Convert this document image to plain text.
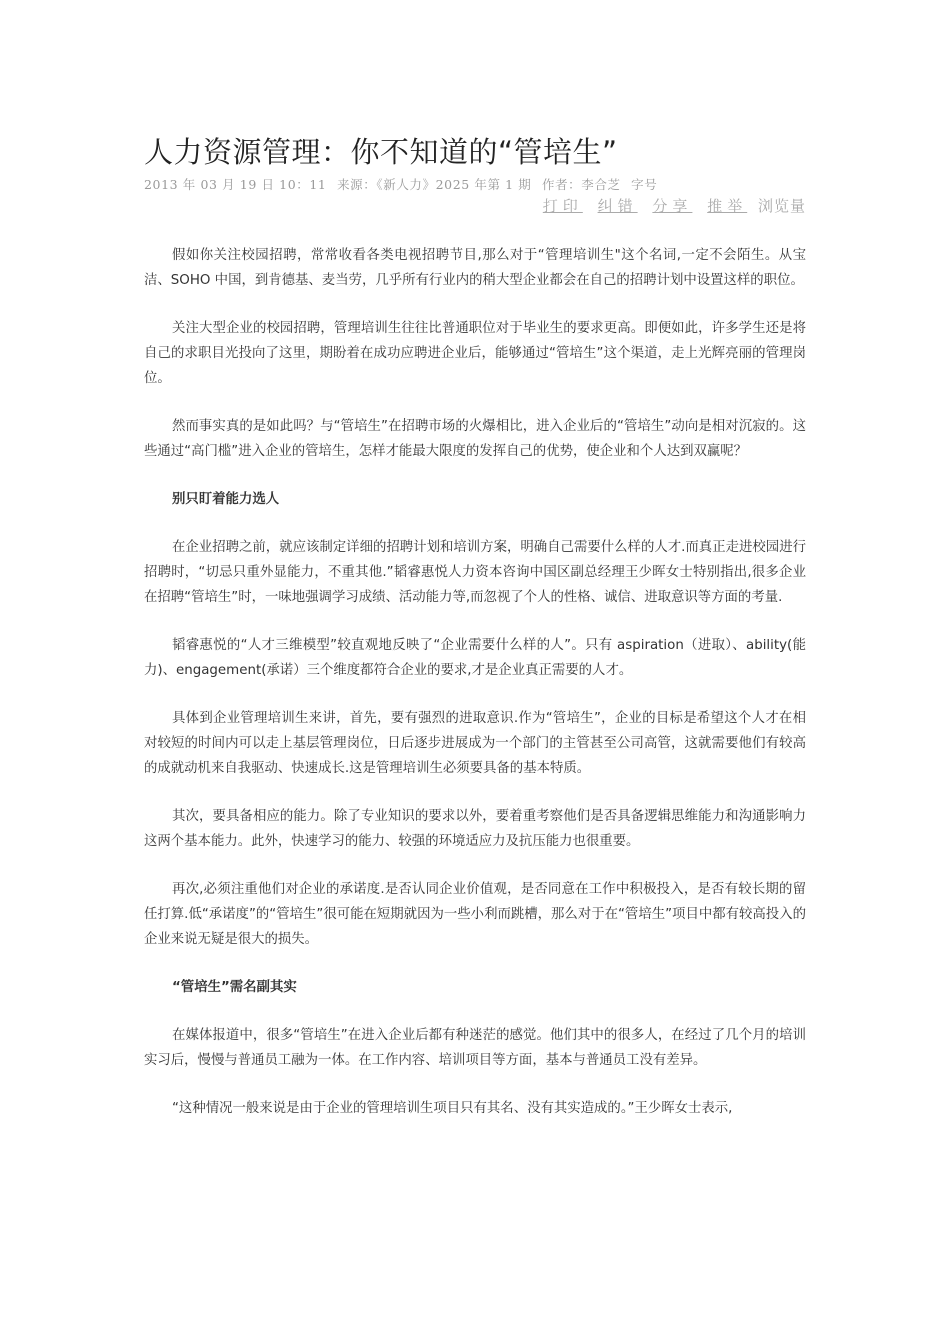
人力资源管理：你不知道的“管培生”
2013 年 03 月 19 日 10：11 来源：《新人力》2025 年第 1 期 作者：李合芝 字号
打印 纠错 分享 推举 浏览量

假如你关注校园招聘，常常收看各类电视招聘节目,那么对于“管理培训生"这个名词,一定不会陌生。从宝洁、SOHO 中国，到肯德基、麦当劳，几乎所有行业内的稍大型企业都会在自己的招聘计划中设置这样的职位。

关注大型企业的校园招聘，管理培训生往往比普通职位对于毕业生的要求更高。即便如此，许多学生还是将自己的求职目光投向了这里，期盼着在成功应聘进企业后，能够通过“管培生”这个渠道，走上光辉亮丽的管理岗位。

然而事实真的是如此吗？与“管培生”在招聘市场的火爆相比，进入企业后的“管培生”动向是相对沉寂的。这些通过“高门槛”进入企业的管培生，怎样才能最大限度的发挥自己的优势，使企业和个人达到双赢呢？

别只盯着能力选人

在企业招聘之前，就应该制定详细的招聘计划和培训方案，明确自己需要什么样的人才.而真正走进校园进行招聘时，“切忌只重外显能力，不重其他.”韬睿惠悦人力资本咨询中国区副总经理王少晖女士特别指出,很多企业在招聘“管培生”时，一味地强调学习成绩、活动能力等,而忽视了个人的性格、诚信、进取意识等方面的考量.

韬睿惠悦的“人才三维模型”较直观地反映了“企业需要什么样的人”。只有 aspiration（进取）、ability(能力)、engagement(承诺）三个维度都符合企业的要求,才是企业真正需要的人才。

具体到企业管理培训生来讲，首先，要有强烈的进取意识.作为“管培生”，企业的目标是希望这个人才在相对较短的时间内可以走上基层管理岗位，日后逐步进展成为一个部门的主管甚至公司高管，这就需要他们有较高的成就动机来自我驱动、快速成长.这是管理培训生必须要具备的基本特质。

其次，要具备相应的能力。除了专业知识的要求以外，要着重考察他们是否具备逻辑思维能力和沟通影响力这两个基本能力。此外，快速学习的能力、较强的环境适应力及抗压能力也很重要。

再次,必须注重他们对企业的承诺度.是否认同企业价值观，是否同意在工作中积极投入，是否有较长期的留任打算.低“承诺度”的“管培生”很可能在短期就因为一些小利而跳槽，那么对于在“管培生”项目中都有较高投入的企业来说无疑是很大的损失。

“管培生”需名副其实

在媒体报道中，很多“管培生”在进入企业后都有种迷茫的感觉。他们其中的很多人，在经过了几个月的培训实习后，慢慢与普通员工融为一体。在工作内容、培训项目等方面，基本与普通员工没有差异。

“这种情况一般来说是由于企业的管理培训生项目只有其名、没有其实造成的。”王少晖女士表示,
